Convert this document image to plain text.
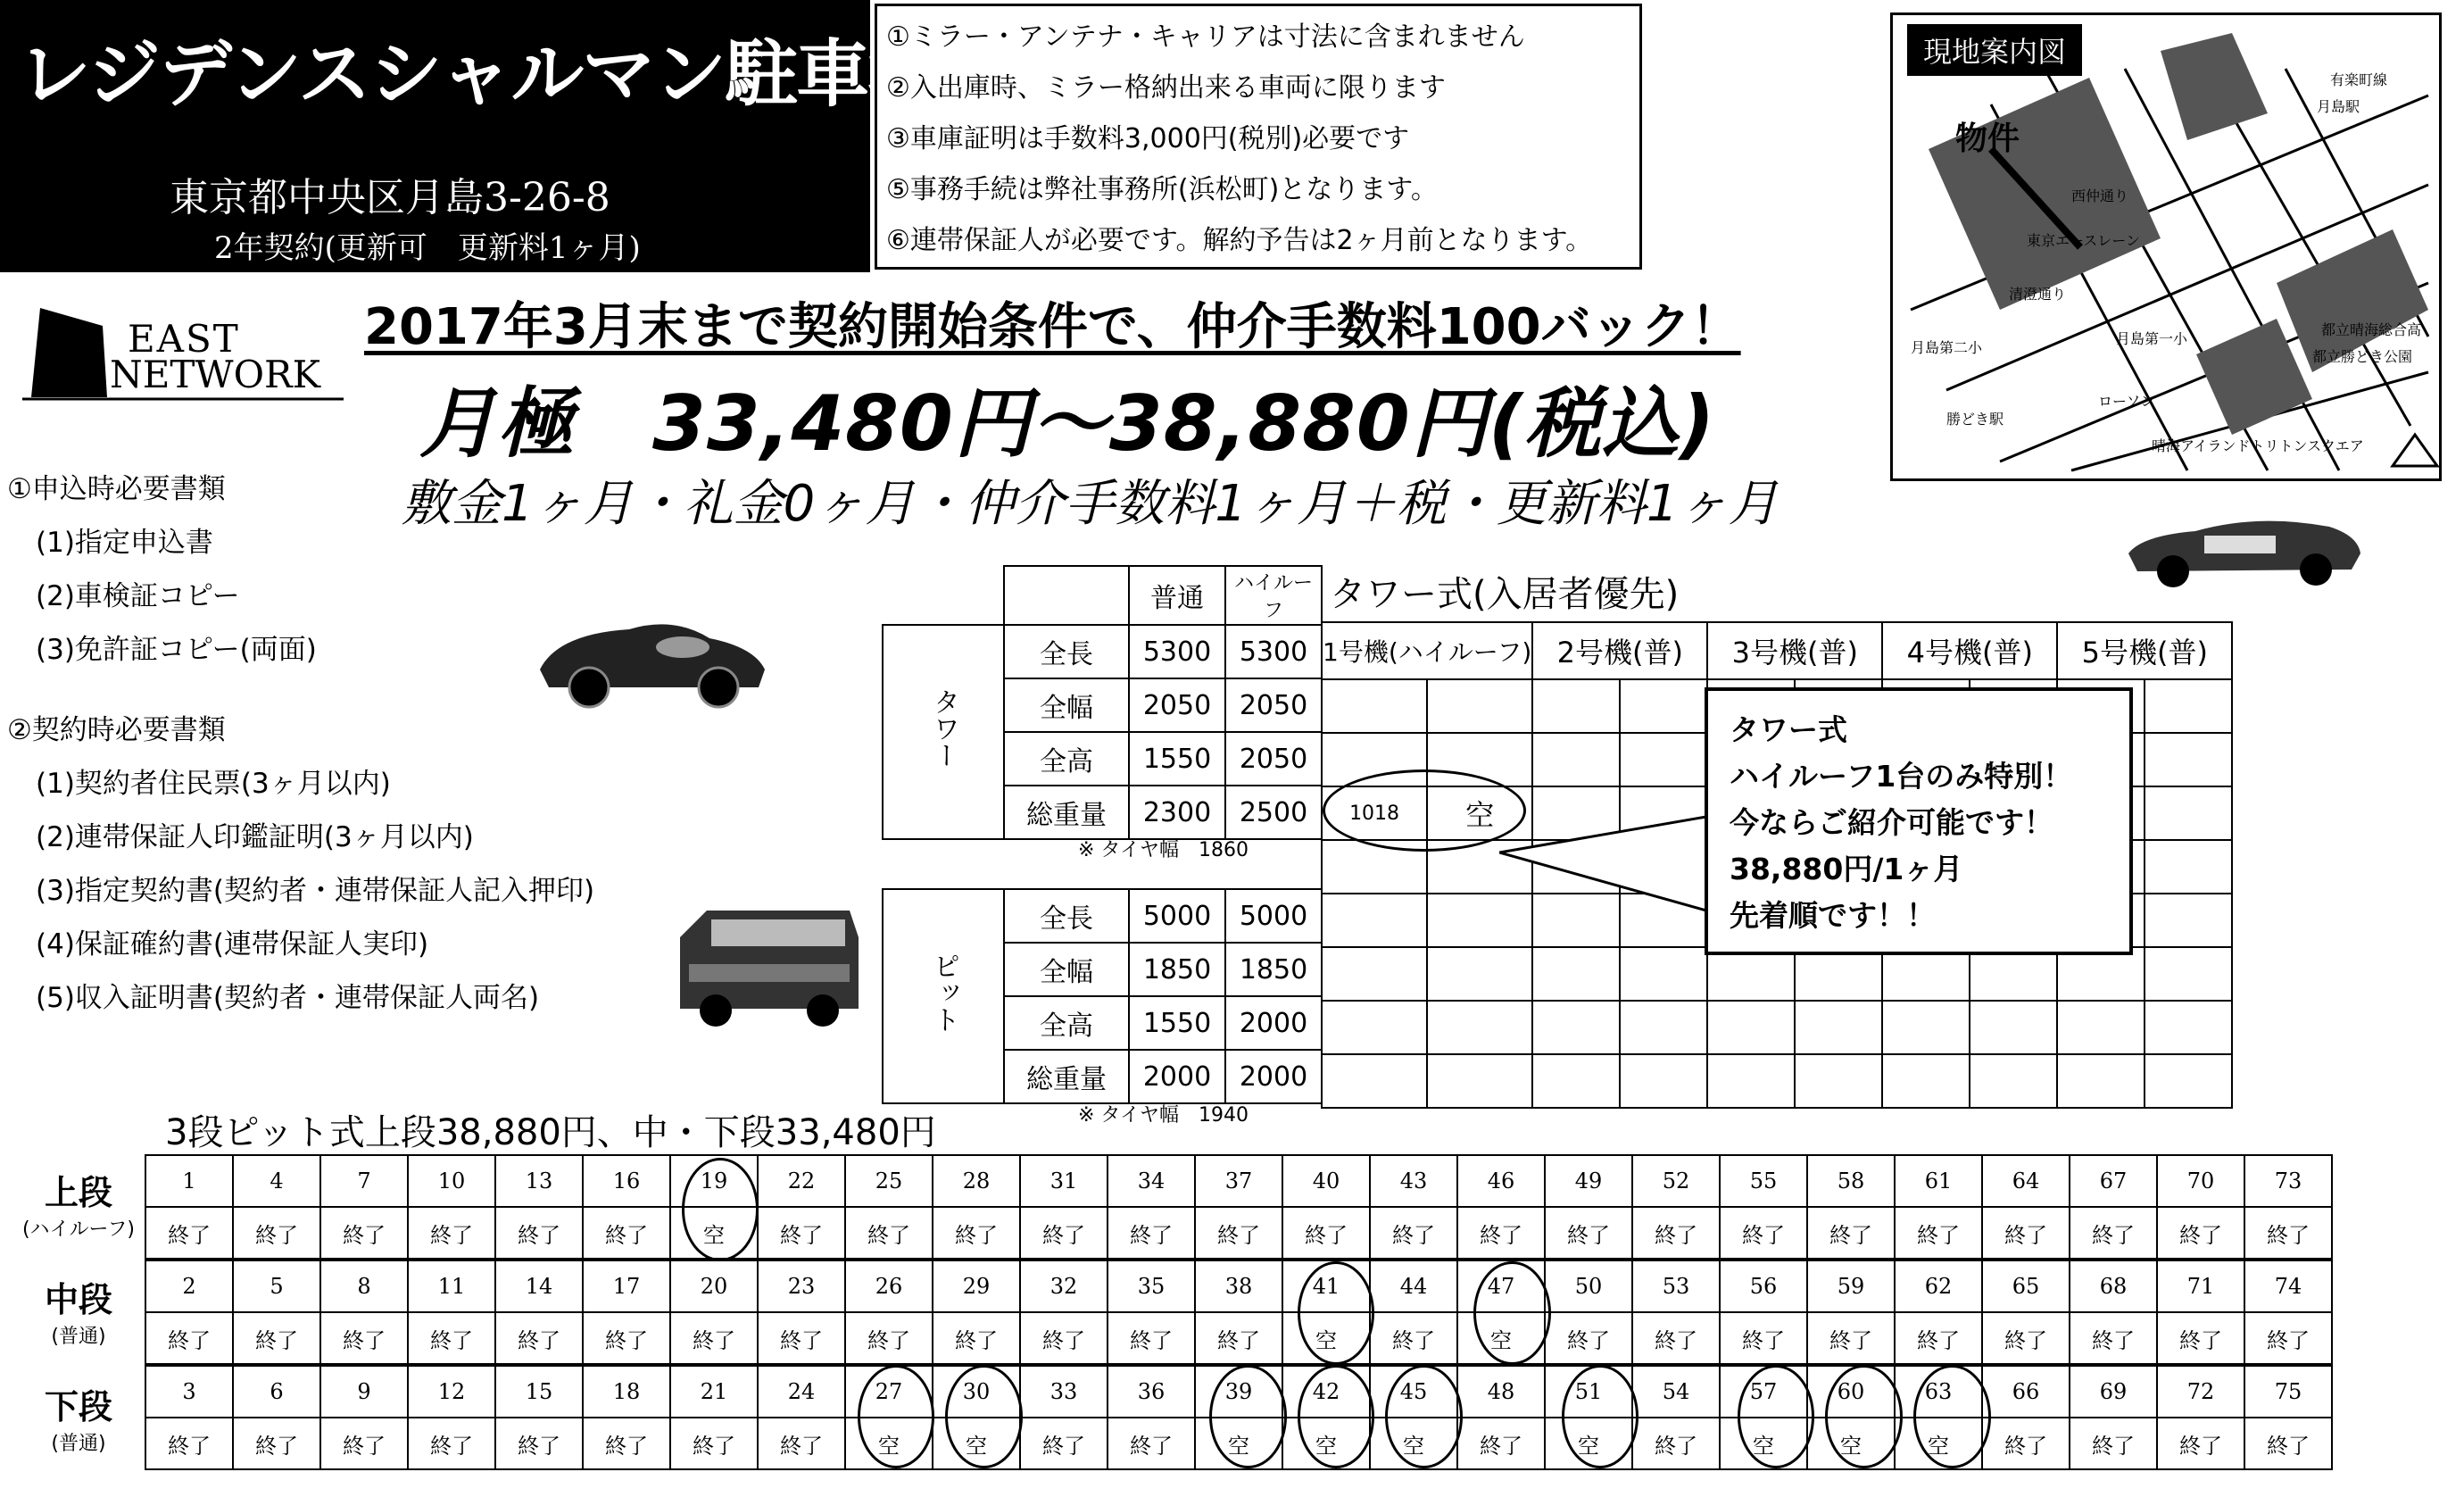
レジデンスシャルマン駐車場
東京都中央区月島3-26-8
2年契約(更新可　更新料1ヶ月)
①ミラー・アンテナ・キャリアは寸法に含まれません
②入出庫時、ミラー格納出来る車両に限ります
③車庫証明は手数料3,000円(税別)必要です
⑤事務手続は弊社事務所(浜松町)となります。
⑥連帯保証人が必要です。解約予告は2ヶ月前となります。
現地案内図
物件
月島駅
有楽町線
月島第二小
月島第一小
都立晴海総合高
都立勝どき公園
晴海アイランドトリトンスクエア
ローソン
清澄通り
東京エースレーン
西仲通り
勝どき駅
EAST
NETWORK
2017年3月末まで契約開始条件で、仲介手数料100バック！
月極　33,480円～38,880円(税込)
敷金1ヶ月・礼金0ヶ月・仲介手数料1ヶ月＋税・更新料1ヶ月
①申込時必要書類
(1)指定申込書
(2)車検証コピー
(3)免許証コピー(両面)
②契約時必要書類
(1)契約者住民票(3ヶ月以内)
(2)連帯保証人印鑑証明(3ヶ月以内)
(3)指定契約書(契約者・連帯保証人記入押印)
(4)保証確約書(連帯保証人実印)
(5)収入証明書(契約者・連帯保証人両名)
		普通	ハイルーフ
タワー	全長	5300	5300
	全幅	2050	2050
	全高	1550	2050
	総重量	2300	2500
※ タイヤ幅　1860
ピット	全長	5000	5000
	全幅	1850	1850
	全高	1550	2000
	総重量	2000	2000
※ タイヤ幅　1940
タワー式(入居者優先)
1号機(ハイルーフ)		2号機(普)		3号機(普)		4号機(普)		5号機(普)	

1018	空								

タワー式
ハイルーフ1台のみ特別！
今ならご紹介可能です！
38,880円/1ヶ月
先着順です！！
3段ピット式上段38,880円、中・下段33,480円
上段
(ハイルーフ)
中段
(普通)
下段
(普通)
1	4	7	10	13	16	19	22	25	28	31	34	37	40	43	46	49	52	55	58	61	64	67	70	73
終了	終了	終了	終了	終了	終了	空	終了	終了	終了	終了	終了	終了	終了	終了	終了	終了	終了	終了	終了	終了	終了	終了	終了	終了
2	5	8	11	14	17	20	23	26	29	32	35	38	41	44	47	50	53	56	59	62	65	68	71	74
終了	終了	終了	終了	終了	終了	終了	終了	終了	終了	終了	終了	終了	空	終了	空	終了	終了	終了	終了	終了	終了	終了	終了	終了
3	6	9	12	15	18	21	24	27	30	33	36	39	42	45	48	51	54	57	60	63	66	69	72	75
終了	終了	終了	終了	終了	終了	終了	終了	空	空	終了	終了	空	空	空	終了	空	終了	空	空	空	終了	終了	終了	終了
